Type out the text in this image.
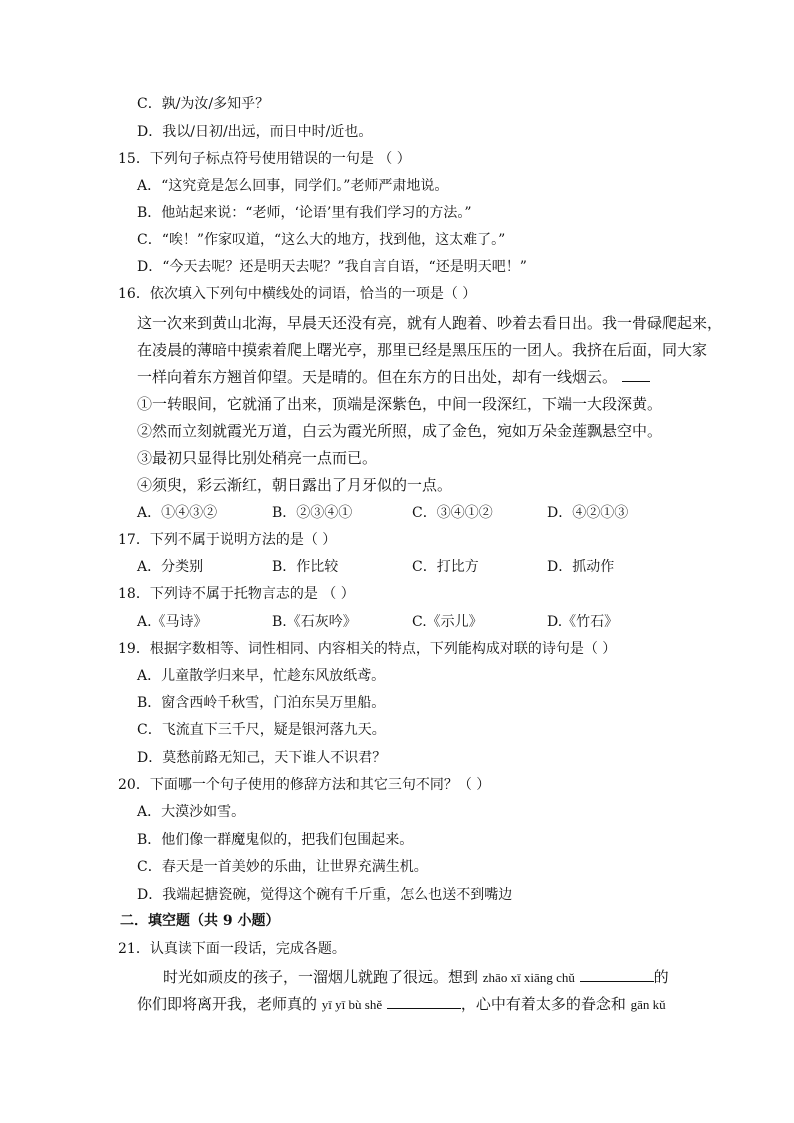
C．孰/为汝/多知乎？
D．我以/日初/出远，而日中时/近也。
15．下列句子标点符号使用错误的一句是 （ ）
A．“这究竟是怎么回事，同学们。”老师严肃地说。
B．他站起来说：“老师，‘论语’里有我们学习的方法。”
C．“唉！”作家叹道，“这么大的地方，找到他，这太难了。”
D．“今天去呢？还是明天去呢？”我自言自语，“还是明天吧！”
16．依次填入下列句中横线处的词语，恰当的一项是（ ）
这一次来到黄山北海，早晨天还没有亮，就有人跑着、吵着去看日出。我一骨碌爬起来，
在凌晨的薄暗中摸索着爬上曙光亭，那里已经是黑压压的一团人。我挤在后面，同大家
一样向着东方翘首仰望。天是晴的。但在东方的日出处，却有一线烟云。
①一转眼间，它就涌了出来，顶端是深紫色，中间一段深红，下端一大段深黄。
②然而立刻就霞光万道，白云为霞光所照，成了金色，宛如万朵金莲飘悬空中。
③最初只显得比别处稍亮一点而已。
④须臾，彩云渐红，朝日露出了月牙似的一点。
A．①④③②	B．②③④①	C．③④①②	D．④②①③
17．下列不属于说明方法的是（ ）
A．分类别	B．作比较	C．打比方	D．抓动作
18．下列诗不属于托物言志的是 （ ）
A.《马诗》	B.《石灰吟》	C.《示儿》	D.《竹石》
19．根据字数相等、词性相同、内容相关的特点，下列能构成对联的诗句是（ ）
A．儿童散学归来早，忙趁东风放纸鸢。
B．窗含西岭千秋雪，门泊东吴万里船。
C．飞流直下三千尺，疑是银河落九天。
D．莫愁前路无知己，天下谁人不识君？
20．下面哪一个句子使用的修辞方法和其它三句不同？（ ）
A．大漠沙如雪。
B．他们像一群魔鬼似的，把我们包围起来。
C．春天是一首美妙的乐曲，让世界充满生机。
D．我端起搪瓷碗，觉得这个碗有千斤重，怎么也送不到嘴边
二．填空题（共 9 小题）
21．认真读下面一段话，完成各题。
时光如顽皮的孩子，一溜烟儿就跑了很远。想到 zhāo xī xiāng chǔ	的
你们即将离开我，老师真的 yī yī bù shě	，心中有着太多的眷念和 gān kǔ
